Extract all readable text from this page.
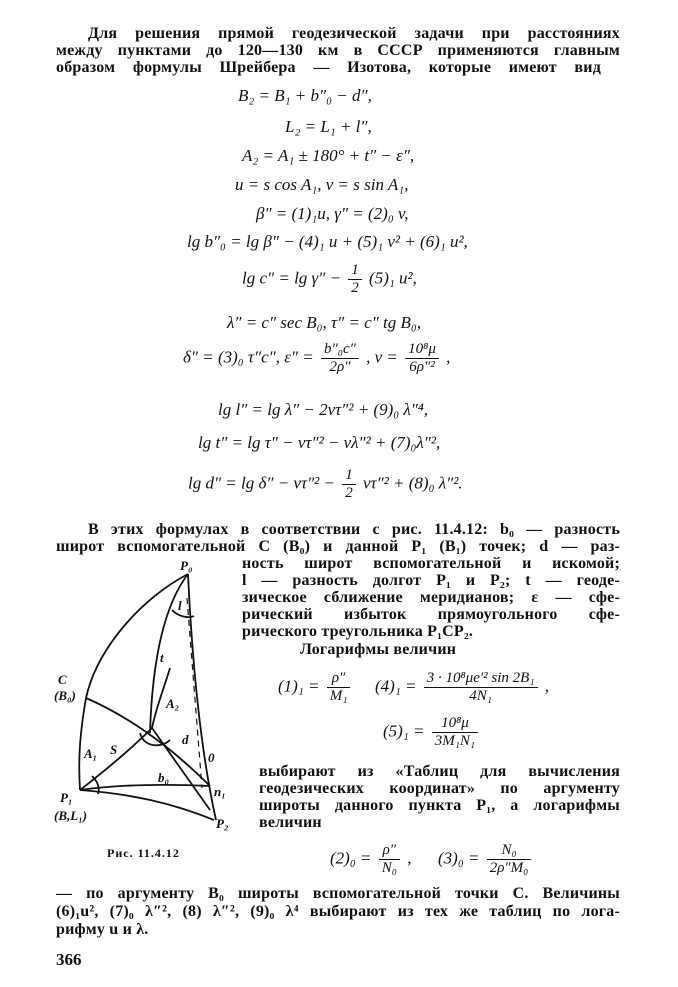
Для решения прямой геодезической задачи при расстояниях
между пунктами до 120—130 км в СССР применяются главным
образом формулы Шрейбера — Изотова, которые имеют вид
B₂ = B₁ + b″₀ − d″,
L₂ = L₁ + l″,
A₂ = A₁ ± 180° + t″ − ε″,
u = s cos A₁, v = s sin A₁,
β″ = (1)₁u, γ″ = (2)₀ v,
lg b″₀ = lg β″ − (4)₁ u + (5)₁ v² + (6)₁ u²,
$\lg c'' = \lg \gamma'' - \frac{1}{2} (5)_1$ u²,
λ″ = c″ sec B₀, τ″ = c″ tg B₀,
δ″ = (3)₀ τ″c″, $\varepsilon'' = \frac{\text{b″₀c″}}{2\rho''}$ , $\nu = \frac{\text{10⁸μ}}{\text{6ρ″²}}$ ,
lg l″ = lg λ″ − 2ντ″² + (9)₀ λ″⁴,
lg t″ = lg τ″ − ντ″² − νλ″² + (7)₀λ″²,
$\lg d'' = \lg \delta'' - \nu\tau''^2 - \frac{1}{2} \nu\tau''^2 + (8)_0$ λ″².
В этих формулах в соответствии с рис. 11.4.12: b₀ — разность
широт вспомогательной C (B₀) и данной P₁ (B₁) точек; d — раз-
ность широт вспомогательной и искомой;
l — разность долгот P₁ и P₂; t — геоде-
зическое сближение меридианов; ε — сфе-
рический избыток прямоугольного сфе-
рического треугольника P₁CP₂.
Логарифмы величин
$(1)_1 = \frac{\rho''}{\text{M₁}} (4)_1 = \frac{\text{3 · 10⁸μe′² sin 2B₁}}{\text{4N₁}}$ ,
$(5)_1 = \frac{\text{10⁸μ}}{\text{3M₁N₁}}$
выбирают из «Таблиц для вычисления
геодезических координат» по аргументу
широты данного пункта P₁, а логарифмы
величин
$(2)_0 = \frac{\rho''}{\text{N₀}}$ , $(3)_0 = \frac{\text{N₀}}{\text{2ρ″M₀}}$
— по аргументу B₀ широты вспомогательной точки C. Величины
(6)₁u², (7)₀ λ″², (8) λ″², (9)₀ λ⁴ выбирают из тех же таблиц по лога-
рифму u и λ.
366
P₀
l
t
C
(B₀)
A₂
d
A₁ S
0
b₀
P₁
(B,L₁)
n₁
P₂
Рис. 11.4.12
